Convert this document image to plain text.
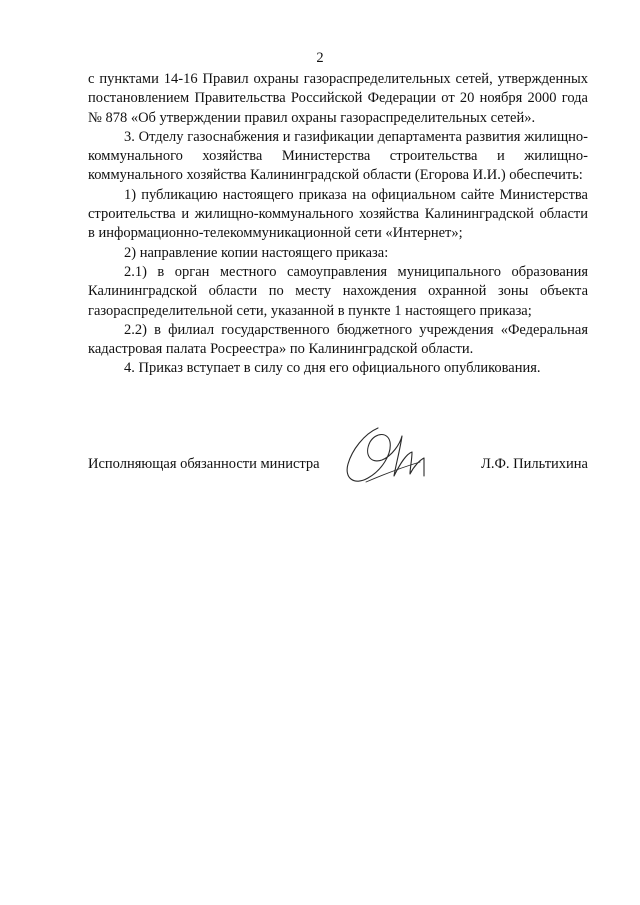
2

с пунктами 14-16 Правил охраны газораспределительных сетей, утвержденных постановлением Правительства Российской Федерации от 20 ноября 2000 года № 878 «Об утверждении правил охраны газораспределительных сетей».

3. Отделу газоснабжения и газификации департамента развития жилищно-коммунального хозяйства Министерства строительства и жилищно-коммунального хозяйства Калининградской области (Егорова И.И.) обеспечить:

1) публикацию настоящего приказа на официальном сайте Министерства строительства и жилищно-коммунального хозяйства Калининградской области в информационно-телекоммуникационной сети «Интернет»;

2) направление копии настоящего приказа:

2.1) в орган местного самоуправления муниципального образования Калининградской области по месту нахождения охранной зоны объекта газораспределительной сети, указанной в пункте 1 настоящего приказа;

2.2) в филиал государственного бюджетного учреждения «Федеральная кадастровая палата Росреестра» по Калининградской области.

4. Приказ вступает в силу со дня его официального опубликования.

Исполняющая обязанности министра	Л.Ф. Пильтихина
